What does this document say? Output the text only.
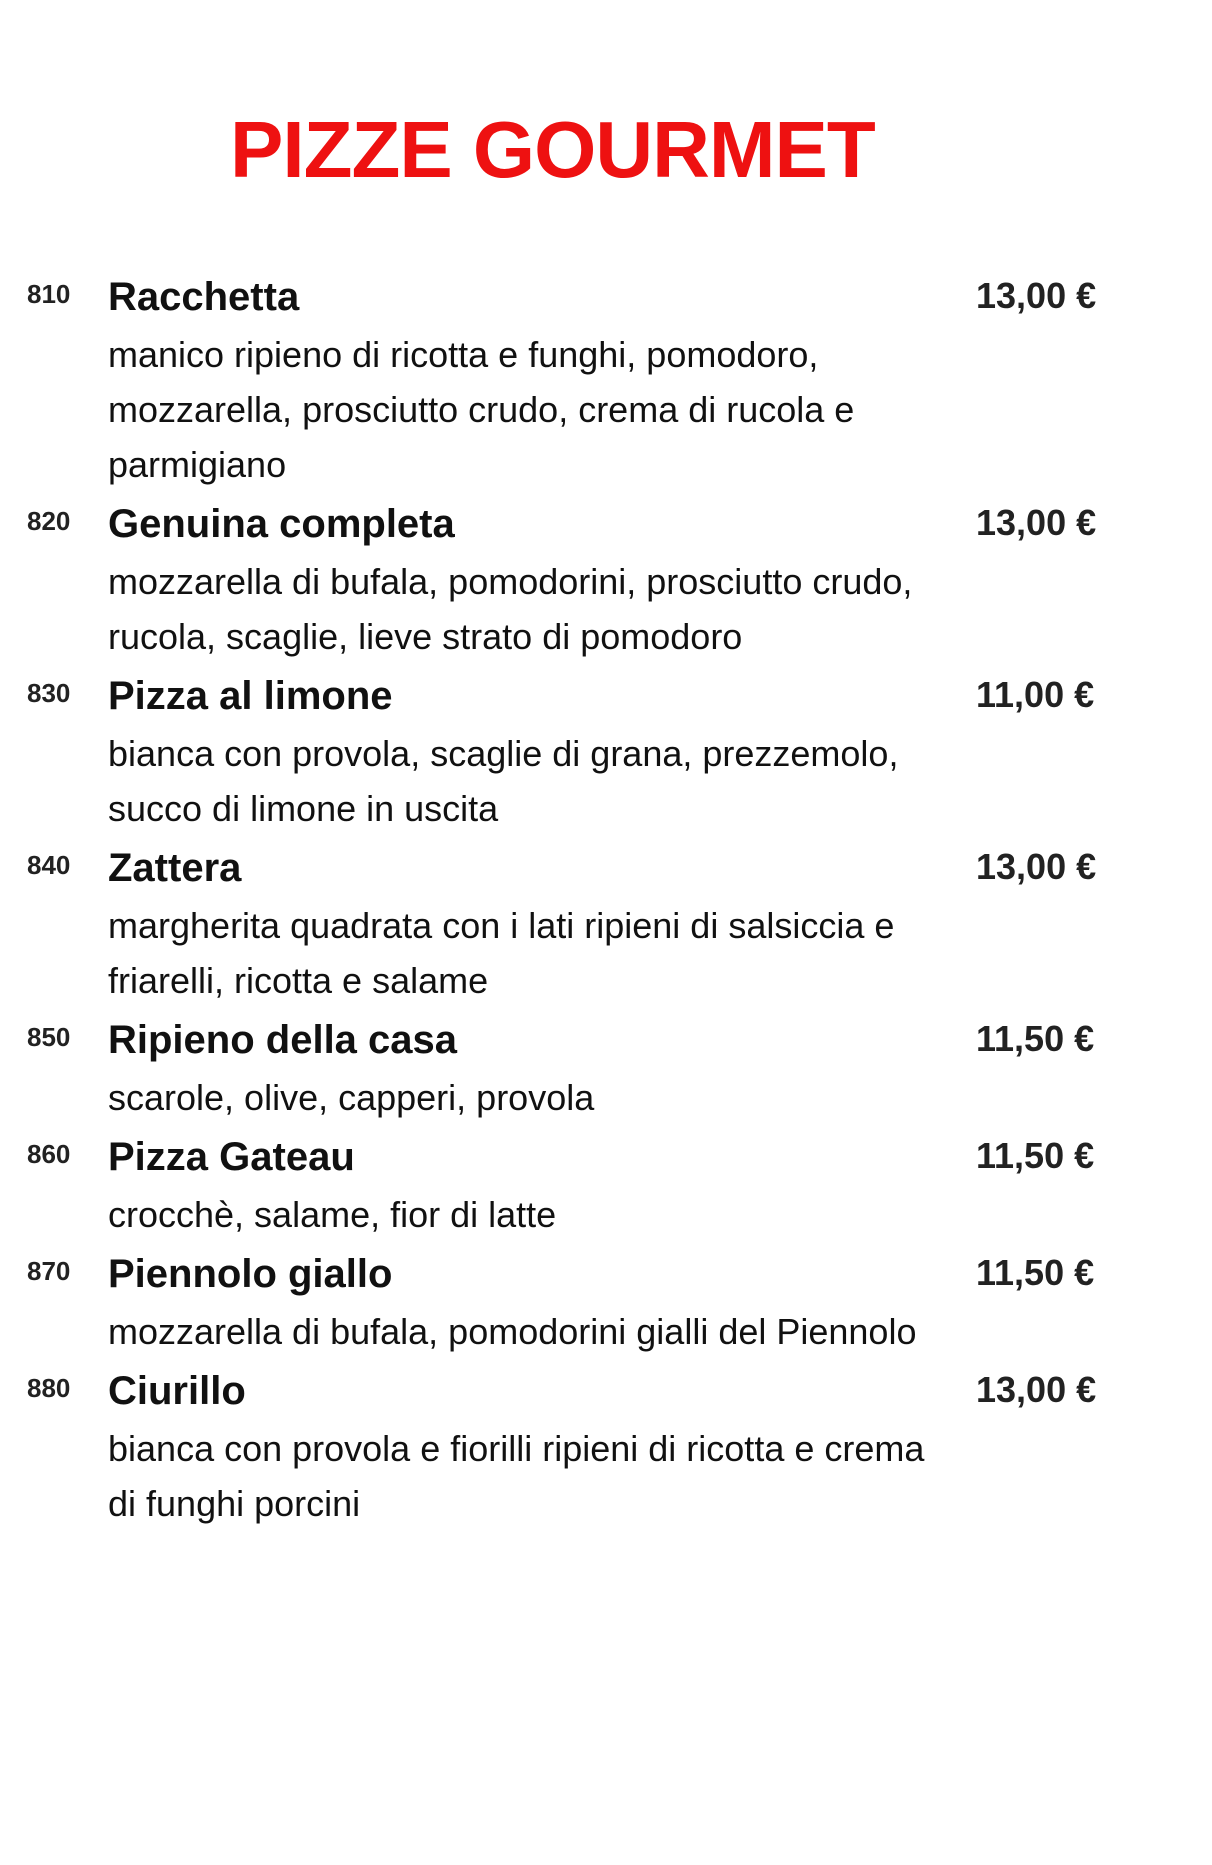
PIZZE GOURMET
810 Racchetta
manico ripieno di ricotta e funghi, pomodoro, mozzarella, prosciutto crudo, crema di rucola e parmigiano
13,00 €
820 Genuina completa
mozzarella di bufala, pomodorini, prosciutto crudo, rucola, scaglie, lieve strato di pomodoro
13,00 €
830 Pizza al limone
bianca con provola, scaglie di grana, prezzemolo, succo di limone in uscita
11,00 €
840 Zattera
margherita quadrata con i lati ripieni di salsiccia e friarelli, ricotta e salame
13,00 €
850 Ripieno della casa
scarole, olive, capperi, provola
11,50 €
860 Pizza Gateau
crocchè, salame, fior di latte
11,50 €
870 Piennolo giallo
mozzarella di bufala, pomodorini gialli del Piennolo
11,50 €
880 Ciurillo
bianca con provola e fiorilli ripieni di ricotta e crema di funghi porcini
13,00 €
